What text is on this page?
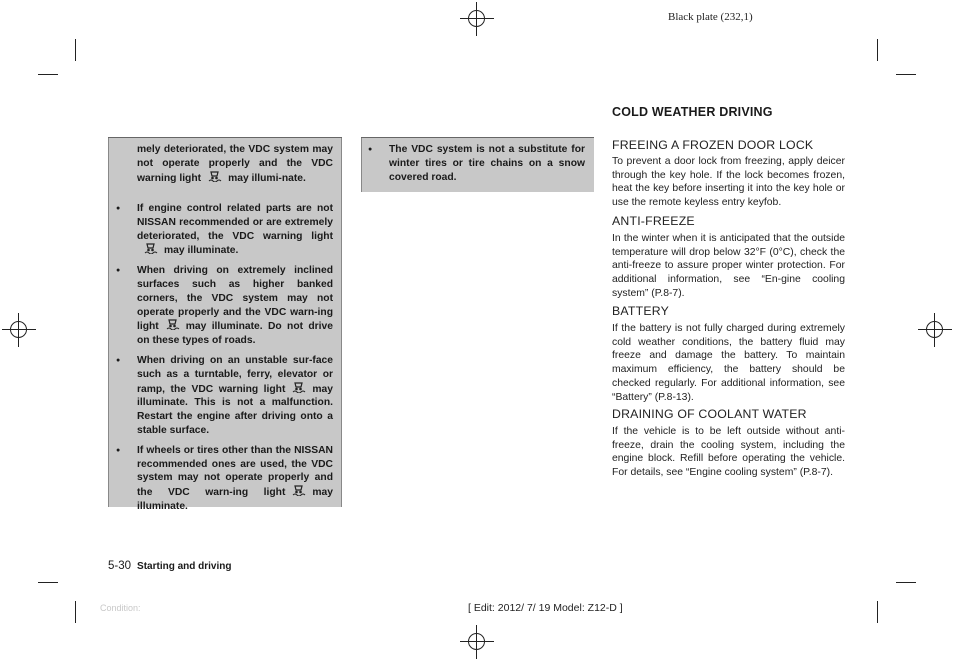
Black plate (232,1)
mely deteriorated, the VDC system may not operate properly and the VDC warning light	may illumi-nate.
● If engine control related parts are not NISSAN recommended or are extremely deteriorated, the VDC warning lightmay illuminate.
● When driving on extremely inclined surfaces such as higher banked corners, the VDC system may not operate properly and the VDC warn-ing light	may illuminate. Do not drive on these types of roads.
● When driving on an unstable sur-face such as a turntable, ferry, elevator or ramp, the VDC warning light	may illuminate. This is not a malfunction. Restart the engine after driving onto a stable surface.
● If wheels or tires other than the NISSAN recommended ones are used, the VDC system may not operate properly and the VDC warn-ing light	may illuminate.
● The VDC system is not a substitute for winter tires or tire chains on a snow covered road.
COLD WEATHER DRIVING
FREEING A FROZEN DOOR LOCK
To prevent a door lock from freezing, apply deicer through the key hole. If the lock becomes frozen, heat the key before inserting it into the key hole or use the remote keyless entry keyfob.
ANTI-FREEZE
In the winter when it is anticipated that the outside temperature will drop below 32°F (0°C), check the anti-freeze to assure proper winter protection. For additional information, see “En-gine cooling system” (P.8-7).
BATTERY
If the battery is not fully charged during extremely cold weather conditions, the battery fluid may freeze and damage the battery. To maintain maximum efficiency, the battery should be checked regularly. For additional information, see “Battery” (P.8-13).
DRAINING OF COOLANT WATER
If the vehicle is to be left outside without anti-freeze, drain the cooling system, including the engine block. Refill before operating the vehicle. For details, see “Engine cooling system” (P.8-7).
5-30 Starting and driving
Condition:	[ Edit: 2012/ 7/ 19 Model: Z12-D ]
